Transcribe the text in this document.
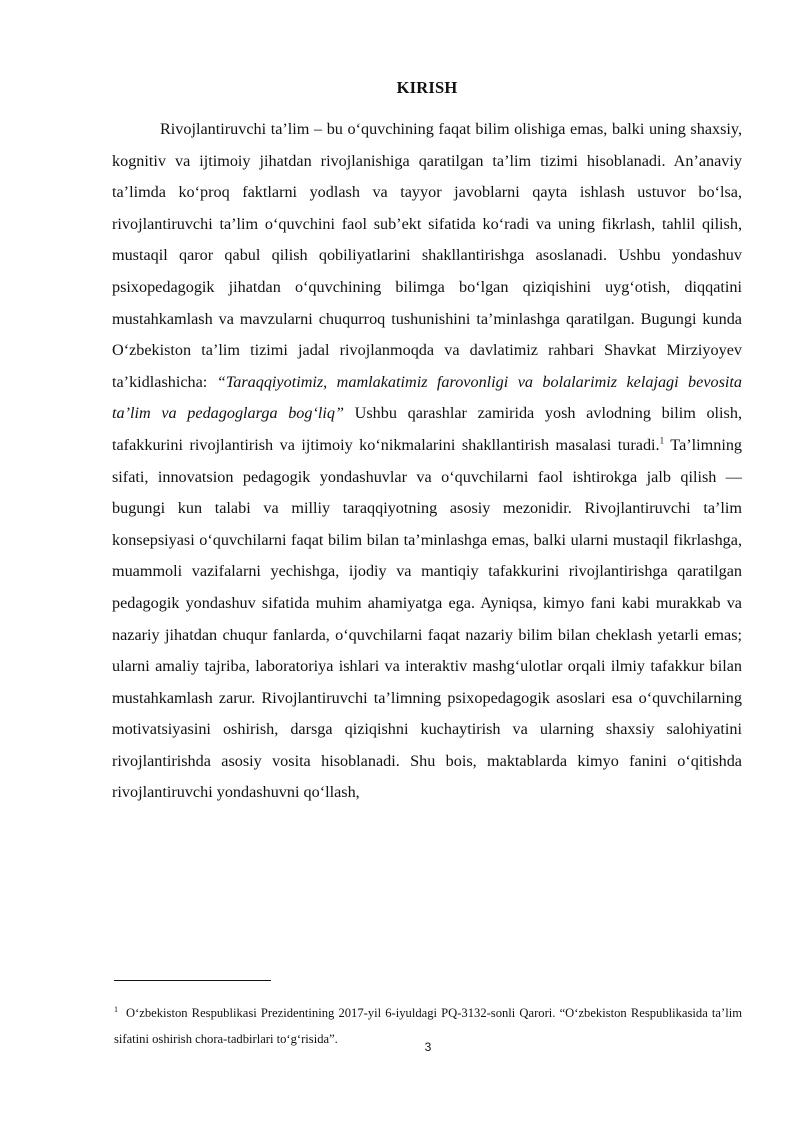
KIRISH

Rivojlantiruvchi ta’lim – bu o‘quvchining faqat bilim olishiga emas, balki uning shaxsiy, kognitiv va ijtimoiy jihatdan rivojlanishiga qaratilgan ta’lim tizimi hisoblanadi. An’anaviy ta’limda ko‘proq faktlarni yodlash va tayyor javoblarni qayta ishlash ustuvor bo‘lsa, rivojlantiruvchi ta’lim o‘quvchini faol sub’ekt sifatida ko‘radi va uning fikrlash, tahlil qilish, mustaqil qaror qabul qilish qobiliyatlarini shakllantirishga asoslanadi. Ushbu yondashuv psixopedagogik jihatdan o‘quvchining bilimga bo‘lgan qiziqishini uyg‘otish, diqqatini mustahkamlash va mavzularni chuqurroq tushunishini ta’minlashga qaratilgan. Bugungi kunda O‘zbekiston ta’lim tizimi jadal rivojlanmoqda va davlatimiz rahbari Shavkat Mirziyoyev ta’kidlashicha: “Taraqqiyotimiz, mamlakatimiz farovonligi va bolalarimiz kelajagi bevosita ta’lim va pedagoglarga bog‘liq” Ushbu qarashlar zamirida yosh avlodning bilim olish, tafakkurini rivojlantirish va ijtimoiy ko‘nikmalarini shakllantirish masalasi turadi.$^1$ Ta’limning sifati, innovatsion pedagogik yondashuvlar va o‘quvchilarni faol ishtirokga jalb qilish — bugungi kun talabi va milliy taraqqiyotning asosiy mezonidir. Rivojlantiruvchi ta’lim konsepsiyasi o‘quvchilarni faqat bilim bilan ta’minlashga emas, balki ularni mustaqil fikrlashga, muammoli vazifalarni yechishga, ijodiy va mantiqiy tafakkurini rivojlantirishga qaratilgan pedagogik yondashuv sifatida muhim ahamiyatga ega. Ayniqsa, kimyo fani kabi murakkab va nazariy jihatdan chuqur fanlarda, o‘quvchilarni faqat nazariy bilim bilan cheklash yetarli emas; ularni amaliy tajriba, laboratoriya ishlari va interaktiv mashg‘ulotlar orqali ilmiy tafakkur bilan mustahkamlash zarur. Rivojlantiruvchi ta’limning psixopedagogik asoslari esa o‘quvchilarning motivatsiyasini oshirish, darsga qiziqishni kuchaytirish va ularning shaxsiy salohiyatini rivojlantirishda asosiy vosita hisoblanadi. Shu bois, maktablarda kimyo fanini o‘qitishda rivojlantiruvchi yondashuvni qo‘llash,

$^1$ O‘zbekiston Respublikasi Prezidentining 2017-yil 6-iyuldagi PQ-3132-sonli Qarori. “O‘zbekiston Respublikasida ta’lim sifatini oshirish chora-tadbirlari to‘g‘risida”.

3
